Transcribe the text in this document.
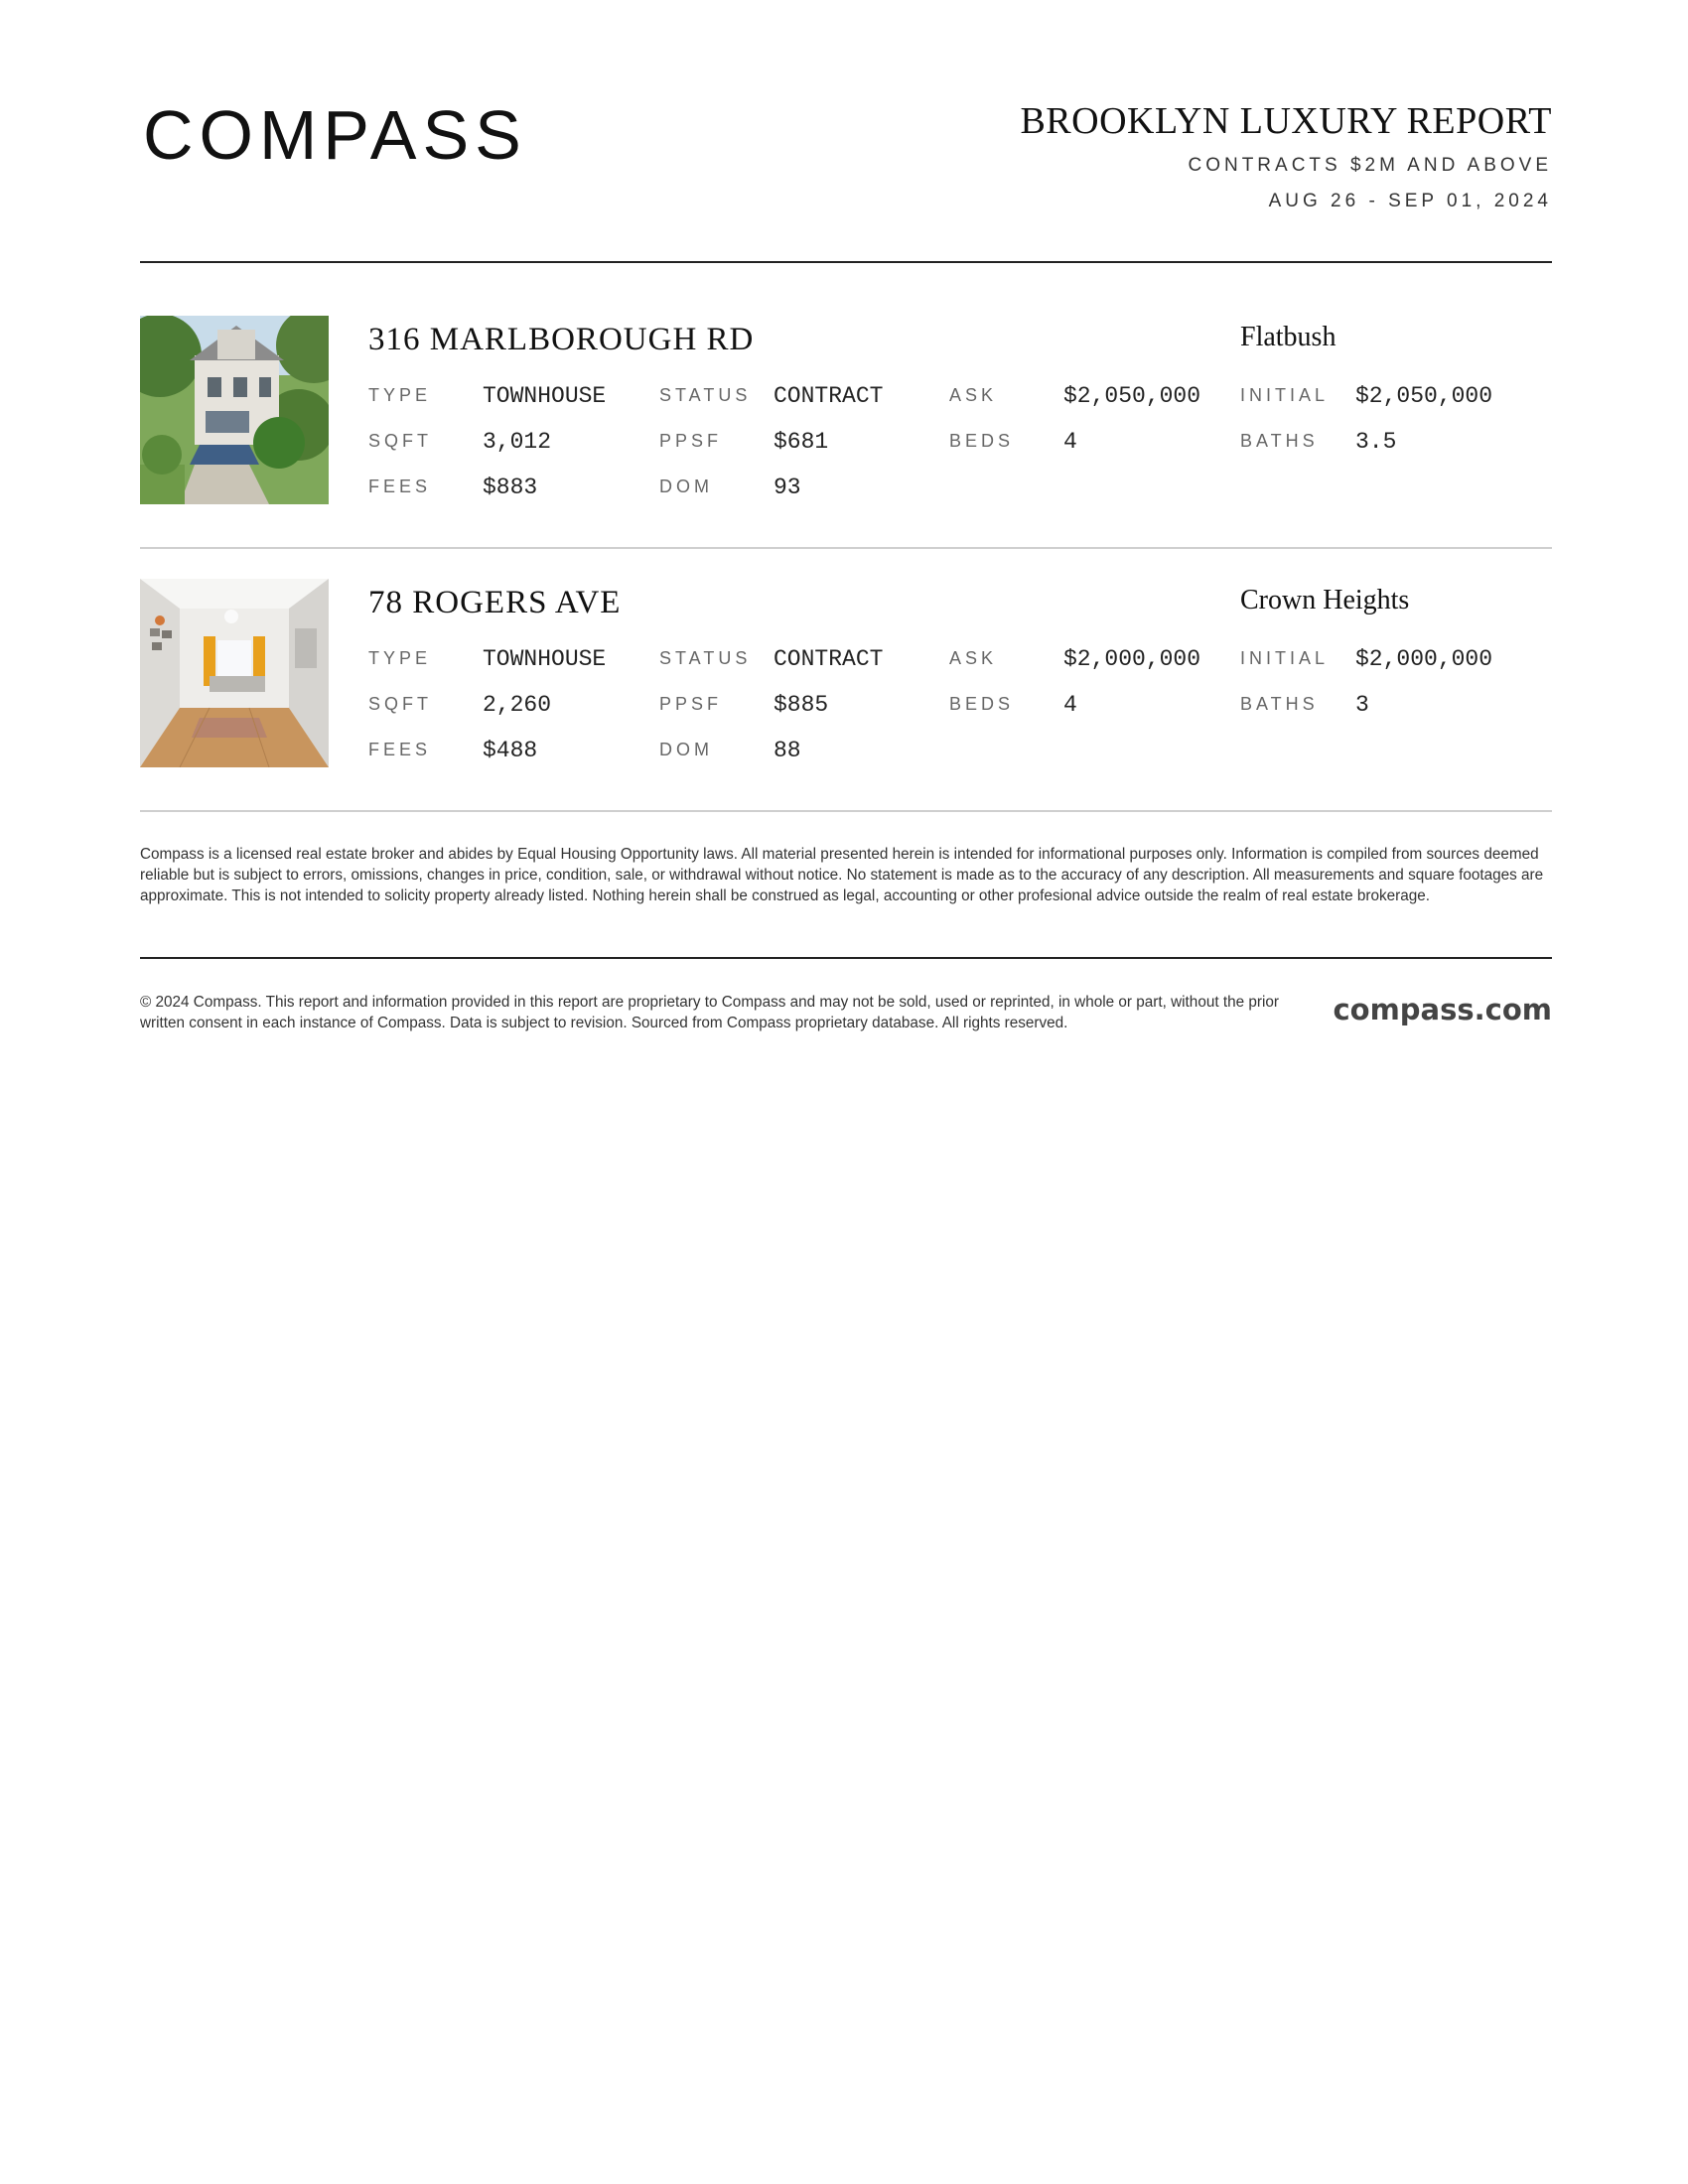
COMPASS	BROOKLYN LUXURY REPORT
CONTRACTS $2M AND ABOVE
AUG 26 - SEP 01, 2024
316 MARLBOROUGH RD	Flatbush
TYPE TOWNHOUSE	STATUS CONTRACT	ASK	$2,050,000 INITIAL $2,050,000
SQFT 3,012	PPSF $681	BEDS 4	BATHS 3.5
FEES $883	DOM	93
78 ROGERS AVE	Crown Heights
TYPE TOWNHOUSE	STATUS CONTRACT	ASK	$2,000,000 INITIAL $2,000,000
SQFT 2,260	PPSF $885	BEDS 4	BATHS 3
FEES $488	DOM	88
Compass is a licensed real estate broker and abides by Equal Housing Opportunity laws. All material presented herein is intended for informational purposes only. Information is compiled from sources deemed reliable but is subject to errors, omissions, changes in price, condition, sale, or withdrawal without notice. No statement is made as to the accuracy of any description. All measurements and square footages are approximate. This is not intended to solicity property already listed. Nothing herein shall be construed as legal, accounting or other profesional advice outside the realm of real estate brokerage.
© 2024 Compass. This report and information provided in this report are proprietary to Compass and may not be sold, used or reprinted, in whole or part, without the prior written consent in each instance of Compass. Data is subject to revision. Sourced from Compass proprietary database. All rights reserved.	compass.com
